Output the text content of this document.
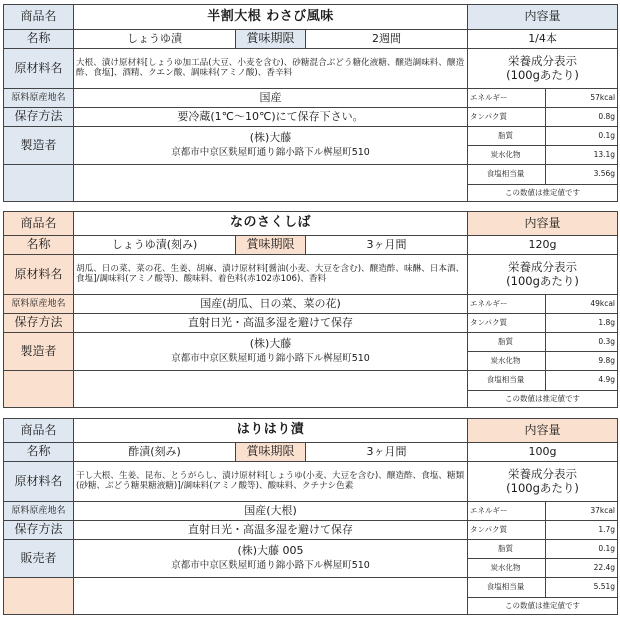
商品名	半割大根 わさび風味			内容量	
名称	しょうゆ漬	賞味期限	2週間	1/4本	
原材料名	大根、漬け原材料[しょうゆ加工品(大豆、小麦を含む)、砂糖混合ぶどう糖化液糖、醸造調味料、醸造酢、食塩]、酒精、クエン酸、調味料(アミノ酸)、香辛料			栄養成分表示
(100gあたり)	
原料原産地名	国産			エネルギー	57kcal
保存方法	要冷蔵(1℃〜10℃)にて保存下さい。			タンパク質	0.8g
製造者	(株)大藤
京都市中京区麩屋町通り錦小路下ル桝屋町510			脂質	0.1g
				炭水化物	13.1g
				食塩相当量	3.56g
				この数値は推定値です	
商品名	なのさくしば			内容量	
名称	しょうゆ漬(刻み)	賞味期限	3ヶ月間	120g	
原材料名	胡瓜、日の菜、菜の花、生姜、胡麻、漬け原材料[醤油(小麦、大豆を含む)、醸造酢、味醂、日本酒、食塩]/調味料(アミノ酸等)、酸味料、着色料(赤102赤106)、香料			栄養成分表示
(100gあたり)	
原料原産地名	国産(胡瓜、日の菜、菜の花)			エネルギー	49kcal
保存方法	直射日光・高温多湿を避けて保存			タンパク質	1.8g
製造者	(株)大藤
京都市中京区麩屋町通り錦小路下ル桝屋町510			脂質	0.3g
				炭水化物	9.8g
				食塩相当量	4.9g
				この数値は推定値です	
商品名	はりはり漬			内容量	
名称	酢漬(刻み)	賞味期限	3ヶ月間	100g	
原材料名	干し大根、生姜、昆布、とうがらし、漬け原材料[しょうゆ(小麦、大豆を含む)、醸造酢、食塩、糖類(砂糖、ぶどう糖果糖液糖)]/調味料(アミノ酸等)、酸味料、クチナシ色素			栄養成分表示
(100gあたり)	
原料原産地名	国産(大根)			エネルギー	37kcal
保存方法	直射日光・高温多湿を避けて保存			タンパク質	1.7g
販売者	(株)大藤 005
京都市中京区麩屋町通り錦小路下ル桝屋町510			脂質	0.1g
				炭水化物	22.4g
				食塩相当量	5.51g
				この数値は推定値です	
